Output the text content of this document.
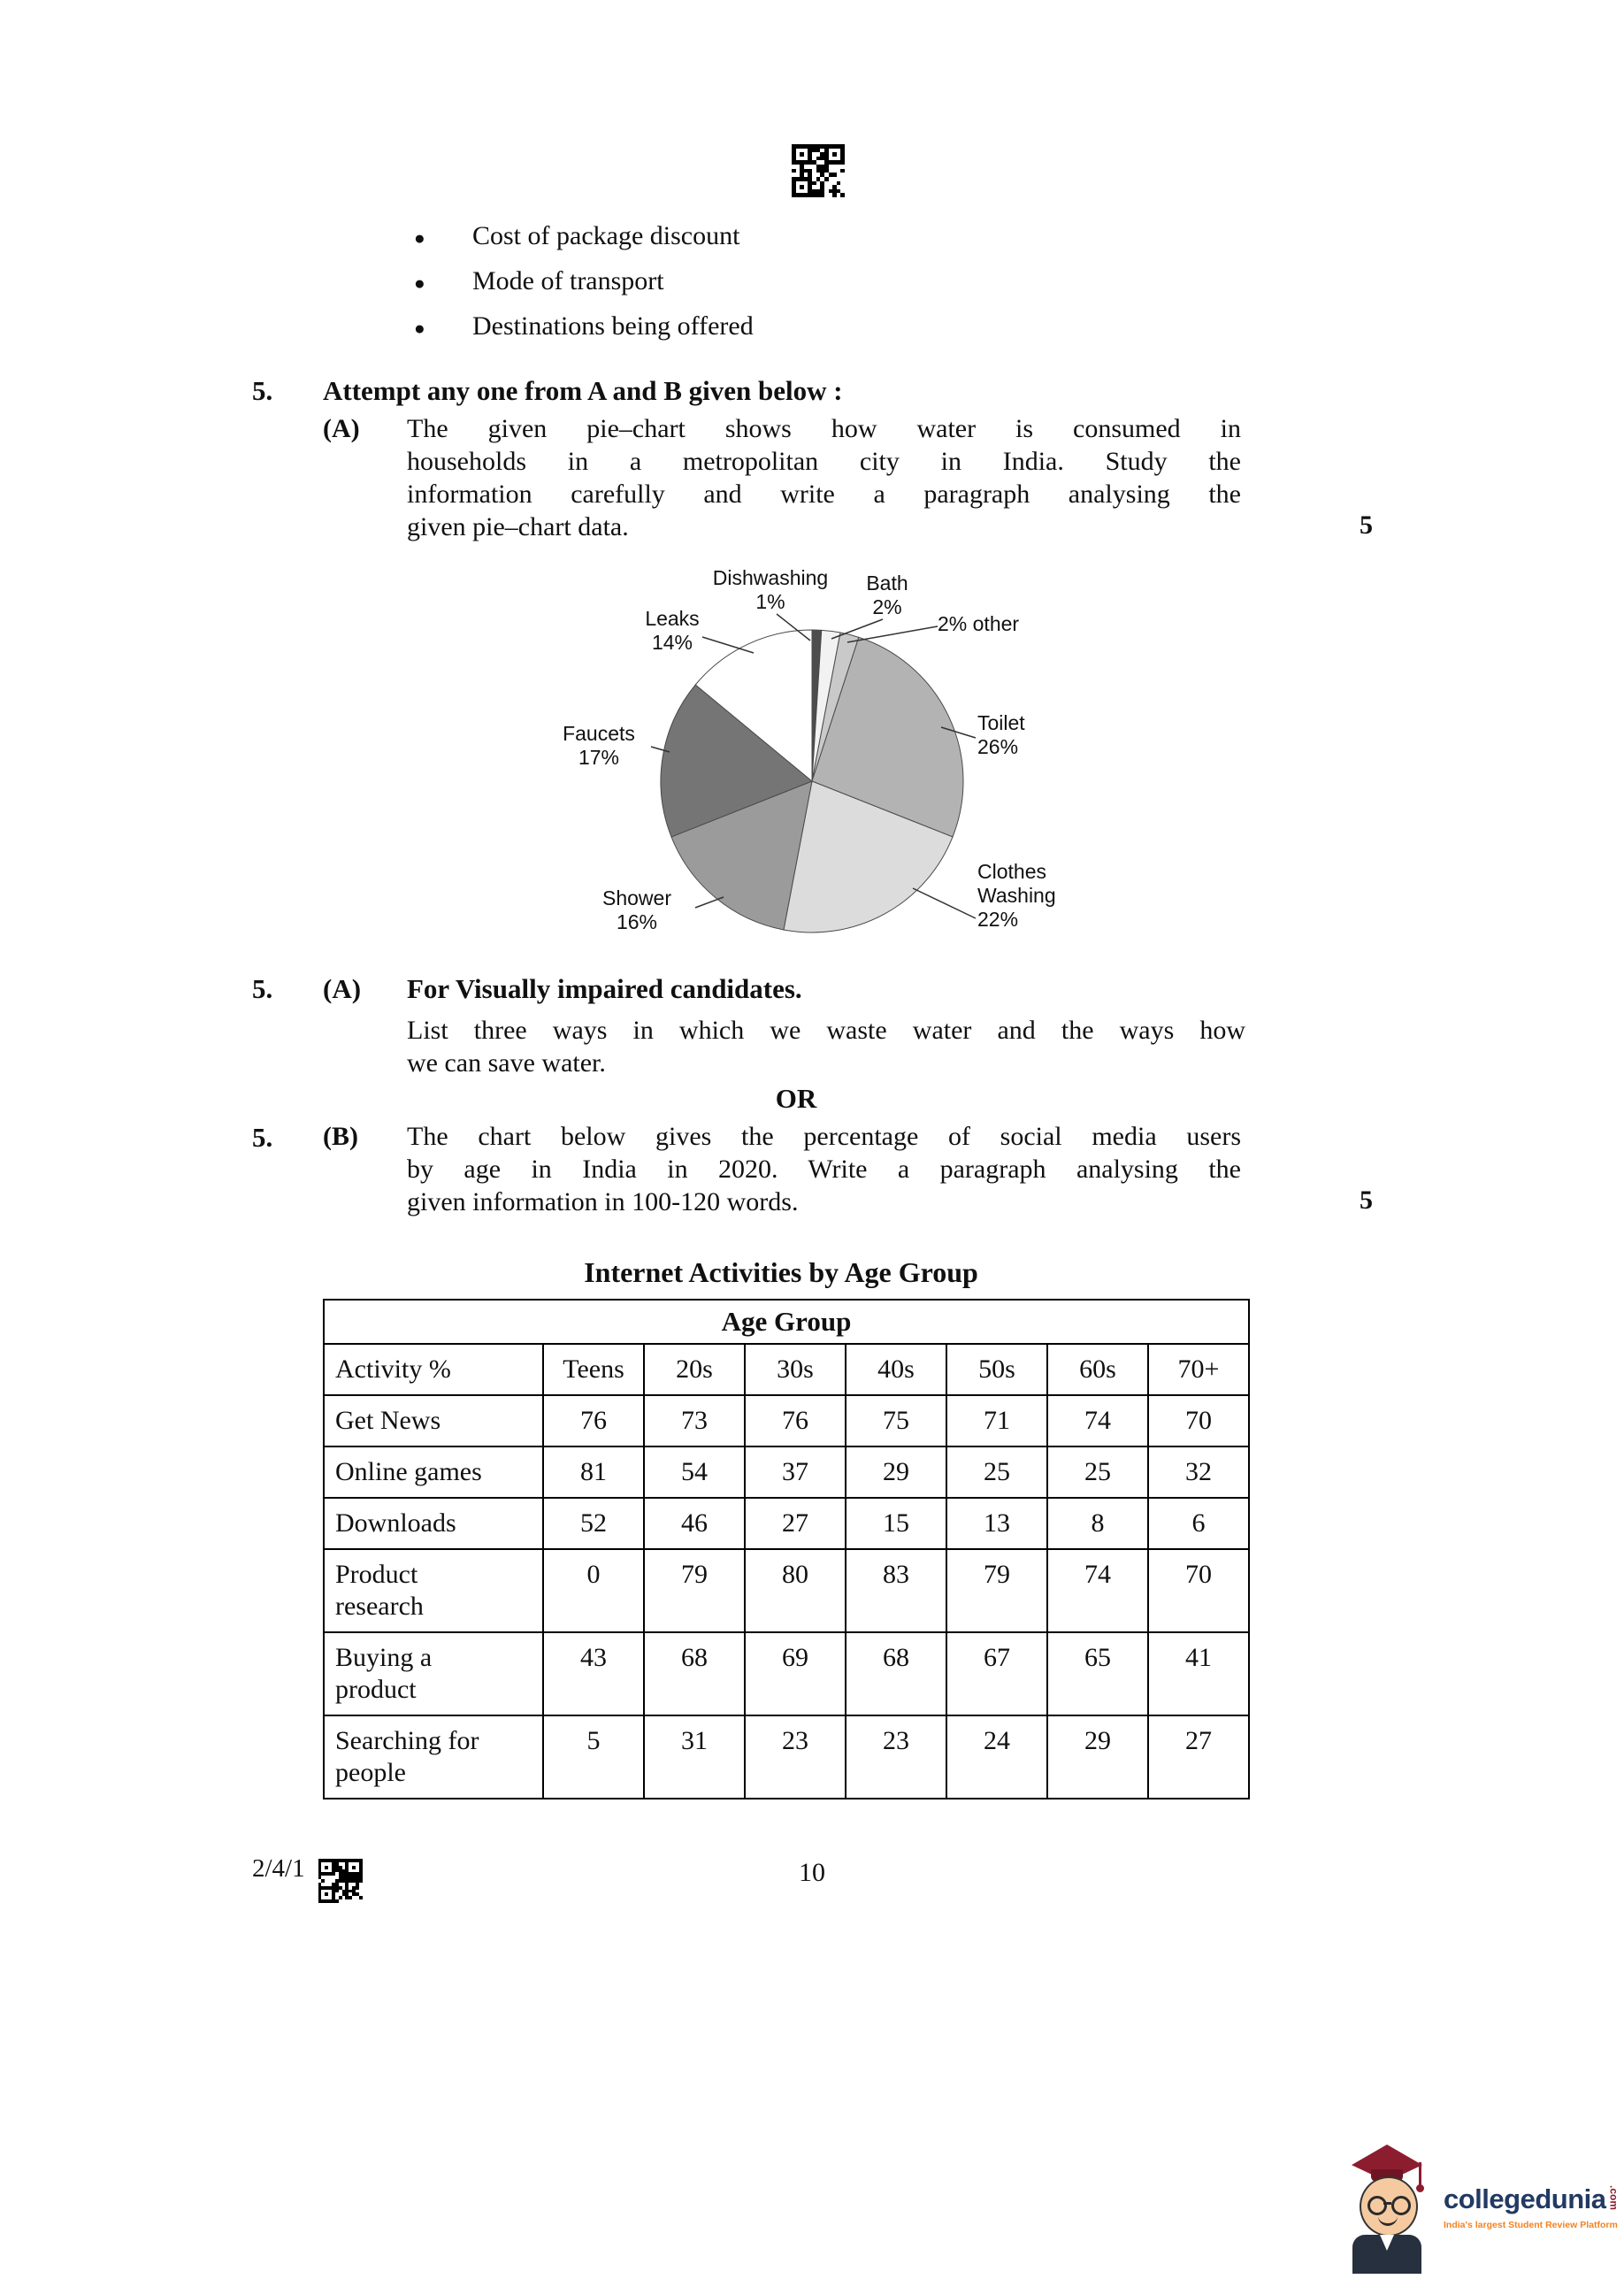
●	Cost of package discount
●	Mode of transport
●	Destinations being offered
5.	Attempt any one from A and B given below :
(A) The given pie–chart shows how water is consumed in
households in a metropolitan city in India. Study the
information carefully and write a paragraph analysing the
given pie–chart data.	5
Dishwashing
1%
Bath
2%
2% other
Toilet
26%
Clothes
Washing
22%
Shower
16%
Faucets
17%
Leaks
14%
5. (A) For Visually impaired candidates.
List three ways in which we waste water and the ways how
we can save water.
OR
5. (B) The chart below gives the percentage of social media users
by age in India in 2020. Write a paragraph analysing the
given information in 100-120 words.	5
Internet Activities by Age Group
Age Group							
Activity %	Teens	20s	30s	40s	50s	60s	70+
Get News	76	73	76	75	71	74	70
Online games	81	54	37	29	25	25	32
Downloads	52	46	27	15	13	8	6
Product research	0	79	80	83	79	74	70
Buying a product	43	68	69	68	67	65	41
Searching for people	5	31	23	23	24	29	27
2/4/1	10
collegedunia .com
India's largest Student Review Platform
